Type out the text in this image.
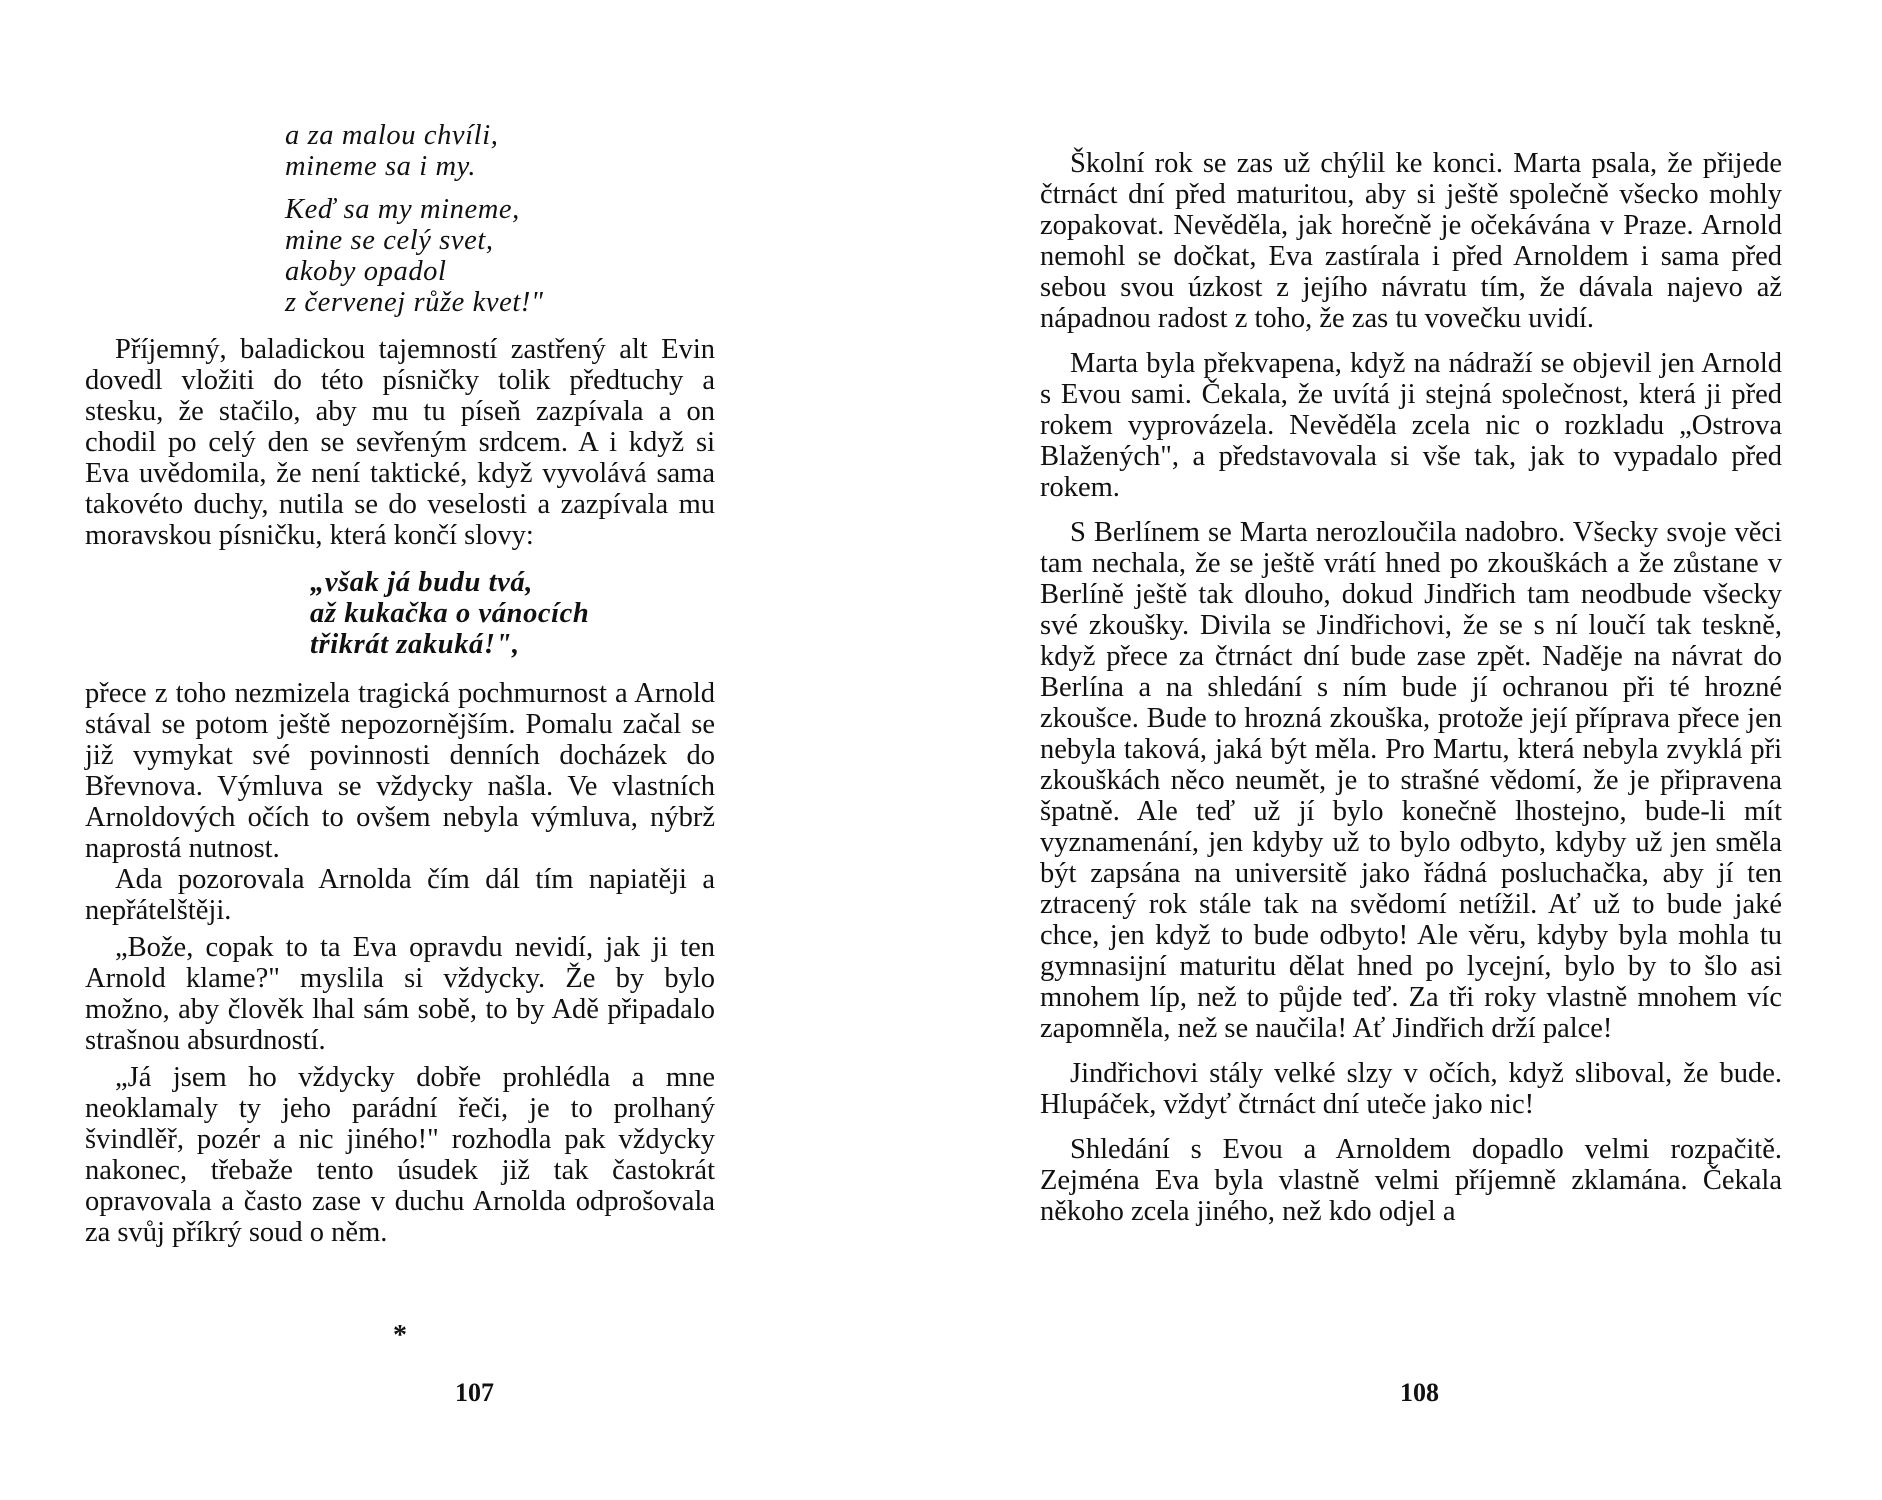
a za malou chvíli,
mineme sa i my.
Keď sa my mineme,
mine se celý svet,
akoby opadol
z červenej růže kvet!"

Příjemný, baladickou tajemností zastřený alt Evin dovedl vložiti do této písničky tolik předtuchy a stesku, že stačilo, aby mu tu píseň zazpívala a on chodil po celý den se sevřeným srdcem. A i když si Eva uvědomila, že není taktické, když vyvolává sama takovéto duchy, nutila se do veselosti a zazpívala mu moravskou písničku, která končí slovy:

„však já budu tvá,
až kukačka o vánocích
třikrát zakuká!",

přece z toho nezmizela tragická pochmurnost a Arnold stával se potom ještě nepozornějším. Pomalu začal se již vymykat své povinnosti denních docházek do Břevnova. Výmluva se vždycky našla. Ve vlastních Arnoldových očích to ovšem nebyla výmluva, nýbrž naprostá nutnost.

Ada pozorovala Arnolda čím dál tím napiatěji a nepřátelštěji.

„Bože, copak to ta Eva opravdu nevidí, jak ji ten Arnold klame?" myslila si vždycky. Že by bylo možno, aby člověk lhal sám sobě, to by Adě připadalo strašnou absurdností.

„Já jsem ho vždycky dobře prohlédla a mne neoklamaly ty jeho parádní řeči, je to prolhaný švindlěř, pozér a nic jiného!" rozhodla pak vždycky nakonec, třebaže tento úsudek již tak častokrát opravovala a často zase v duchu Arnolda odprošovala za svůj příkrý soud o něm.

*
107

Školní rok se zas už chýlil ke konci. Marta psala, že přijede čtrnáct dní před maturitou, aby si ještě společně všecko mohly zopakovat. Nevěděla, jak horečně je očekávána v Praze. Arnold nemohl se dočkat, Eva zastírala i před Arnoldem i sama před sebou svou úzkost z jejího návratu tím, že dávala najevo až nápadnou radost z toho, že zas tu vovečku uvidí.

Marta byla překvapena, když na nádraží se objevil jen Arnold s Evou sami. Čekala, že uvítá ji stejná společnost, která ji před rokem vyprovázela. Nevěděla zcela nic o rozkladu „Ostrova Blažených", a představovala si vše tak, jak to vypadalo před rokem.

S Berlínem se Marta nerozloučila nadobro. Všecky svoje věci tam nechala, že se ještě vrátí hned po zkouškách a že zůstane v Berlíně ještě tak dlouho, dokud Jindřich tam neodbude všecky své zkoušky. Divila se Jindřichovi, že se s ní loučí tak teskně, když přece za čtrnáct dní bude zase zpět. Naděje na návrat do Berlína a na shledání s ním bude jí ochranou při té hrozné zkoušce. Bude to hrozná zkouška, protože její příprava přece jen nebyla taková, jaká být měla. Pro Martu, která nebyla zvyklá při zkouškách něco neumět, je to strašné vědomí, že je připravena špatně. Ale teď už jí bylo konečně lhostejno, bude-li mít vyznamenání, jen kdyby už to bylo odbyto, kdyby už jen směla být zapsána na universitě jako řádná posluchačka, aby jí ten ztracený rok stále tak na svědomí netížil. Ať už to bude jaké chce, jen když to bude odbyto! Ale věru, kdyby byla mohla tu gymnasijní maturitu dělat hned po lycejní, bylo by to šlo asi mnohem líp, než to půjde teď. Za tři roky vlastně mnohem víc zapomněla, než se naučila! Ať Jindřich drží palce!

Jindřichovi stály velké slzy v očích, když sliboval, že bude. Hlupáček, vždyť čtrnáct dní uteče jako nic!

Shledání s Evou a Arnoldem dopadlo velmi rozpačitě. Zejména Eva byla vlastně velmi příjemně zklamána. Čekala někoho zcela jiného, než kdo odjel a

108
